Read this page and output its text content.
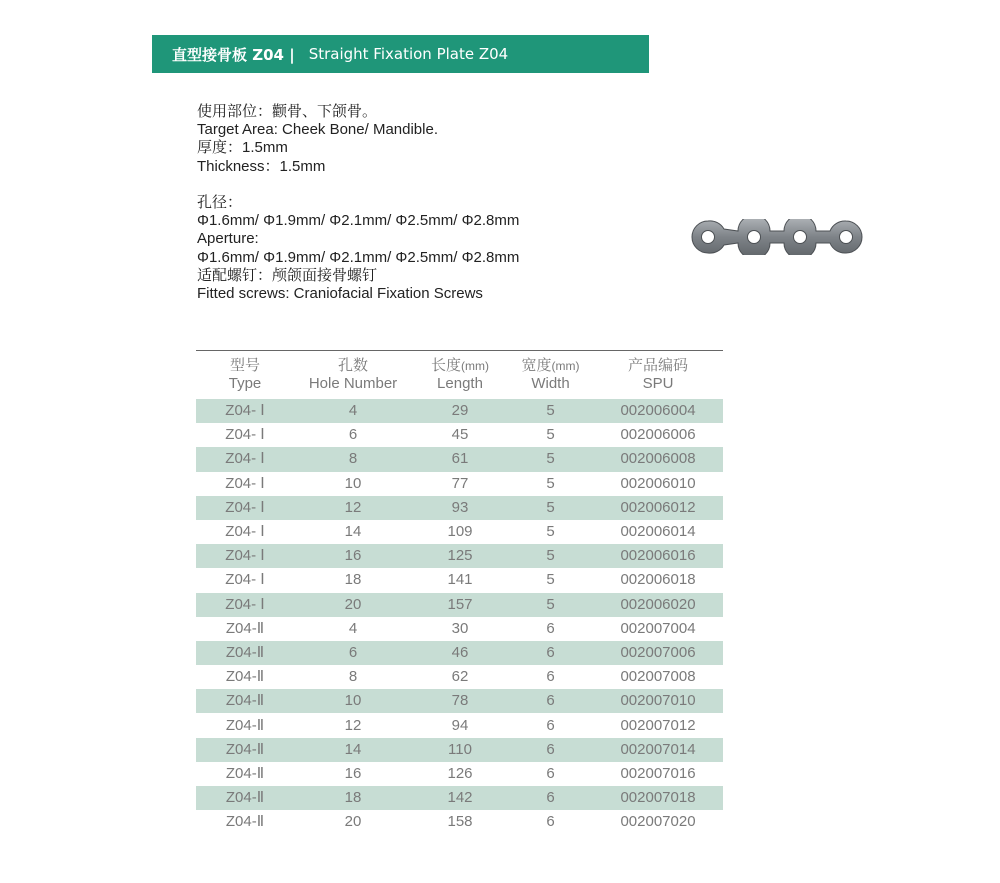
直型接骨板 Z04 | Straight Fixation Plate Z04
使用部位：颧骨、下颌骨。
Target Area: Cheek Bone/ Mandible.
厚度：1.5mm
Thickness：1.5mm
孔径：
Φ1.6mm/ Φ1.9mm/ Φ2.1mm/ Φ2.5mm/ Φ2.8mm
Aperture:
Φ1.6mm/ Φ1.9mm/ Φ2.1mm/ Φ2.5mm/ Φ2.8mm
适配螺钉：颅颌面接骨螺钉
Fitted screws: Craniofacial Fixation Screws
型号	孔数	长度(mm)	宽度(mm)	产品编码
Type	Hole Number	Length	Width	SPU
Z04- Ⅰ	4	29	5	002006004
Z04- Ⅰ	6	45	5	002006006
Z04- Ⅰ	8	61	5	002006008
Z04- Ⅰ	10	77	5	002006010
Z04- Ⅰ	12	93	5	002006012
Z04- Ⅰ	14	109	5	002006014
Z04- Ⅰ	16	125	5	002006016
Z04- Ⅰ	18	141	5	002006018
Z04- Ⅰ	20	157	5	002006020
Z04-Ⅱ	4	30	6	002007004
Z04-Ⅱ	6	46	6	002007006
Z04-Ⅱ	8	62	6	002007008
Z04-Ⅱ	10	78	6	002007010
Z04-Ⅱ	12	94	6	002007012
Z04-Ⅱ	14	110	6	002007014
Z04-Ⅱ	16	126	6	002007016
Z04-Ⅱ	18	142	6	002007018
Z04-Ⅱ	20	158	6	002007020
